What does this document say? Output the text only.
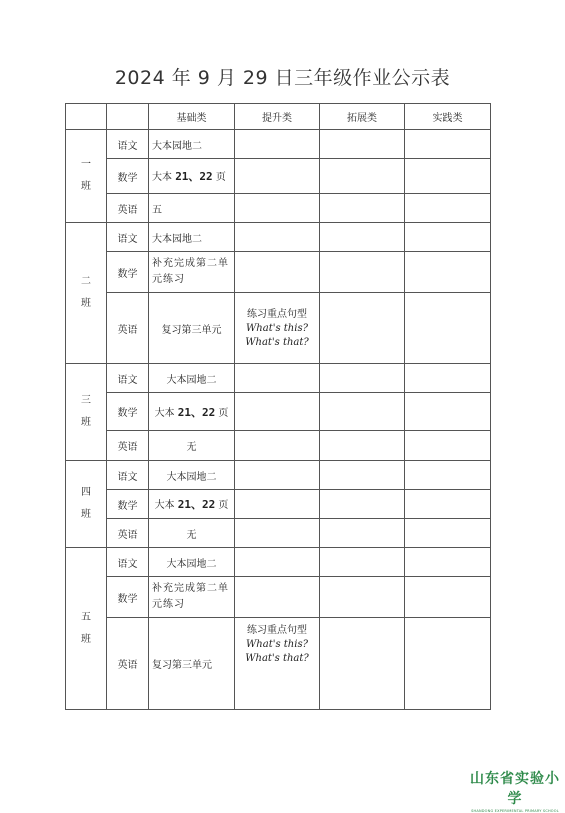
2024 年 9 月 29 日三年级作业公示表
		基础类	提升类	拓展类	实践类
一
班	语文	大本园地二			
	数学	大本 21、22 页			
	英语	五			
二
班	语文	大本园地二			
	数学	补充完成第二单
元练习			
	英语	复习第三单元	练习重点句型
What's this?
What's that?		

三
班	语文	大本园地二			
	数学	大本 21、22 页			
	英语	无			
四
班	语文	大本园地二			
	数学	大本 21、22 页			
	英语	无			
五
班	语文	大本园地二			
	数学	补充完成第二单
元练习			
	英语	复习第三单元	练习重点句型
What's this?
What's that?		

山东省实验小学
SHANDONG EXPERIMENTAL PRIMARY SCHOOL
